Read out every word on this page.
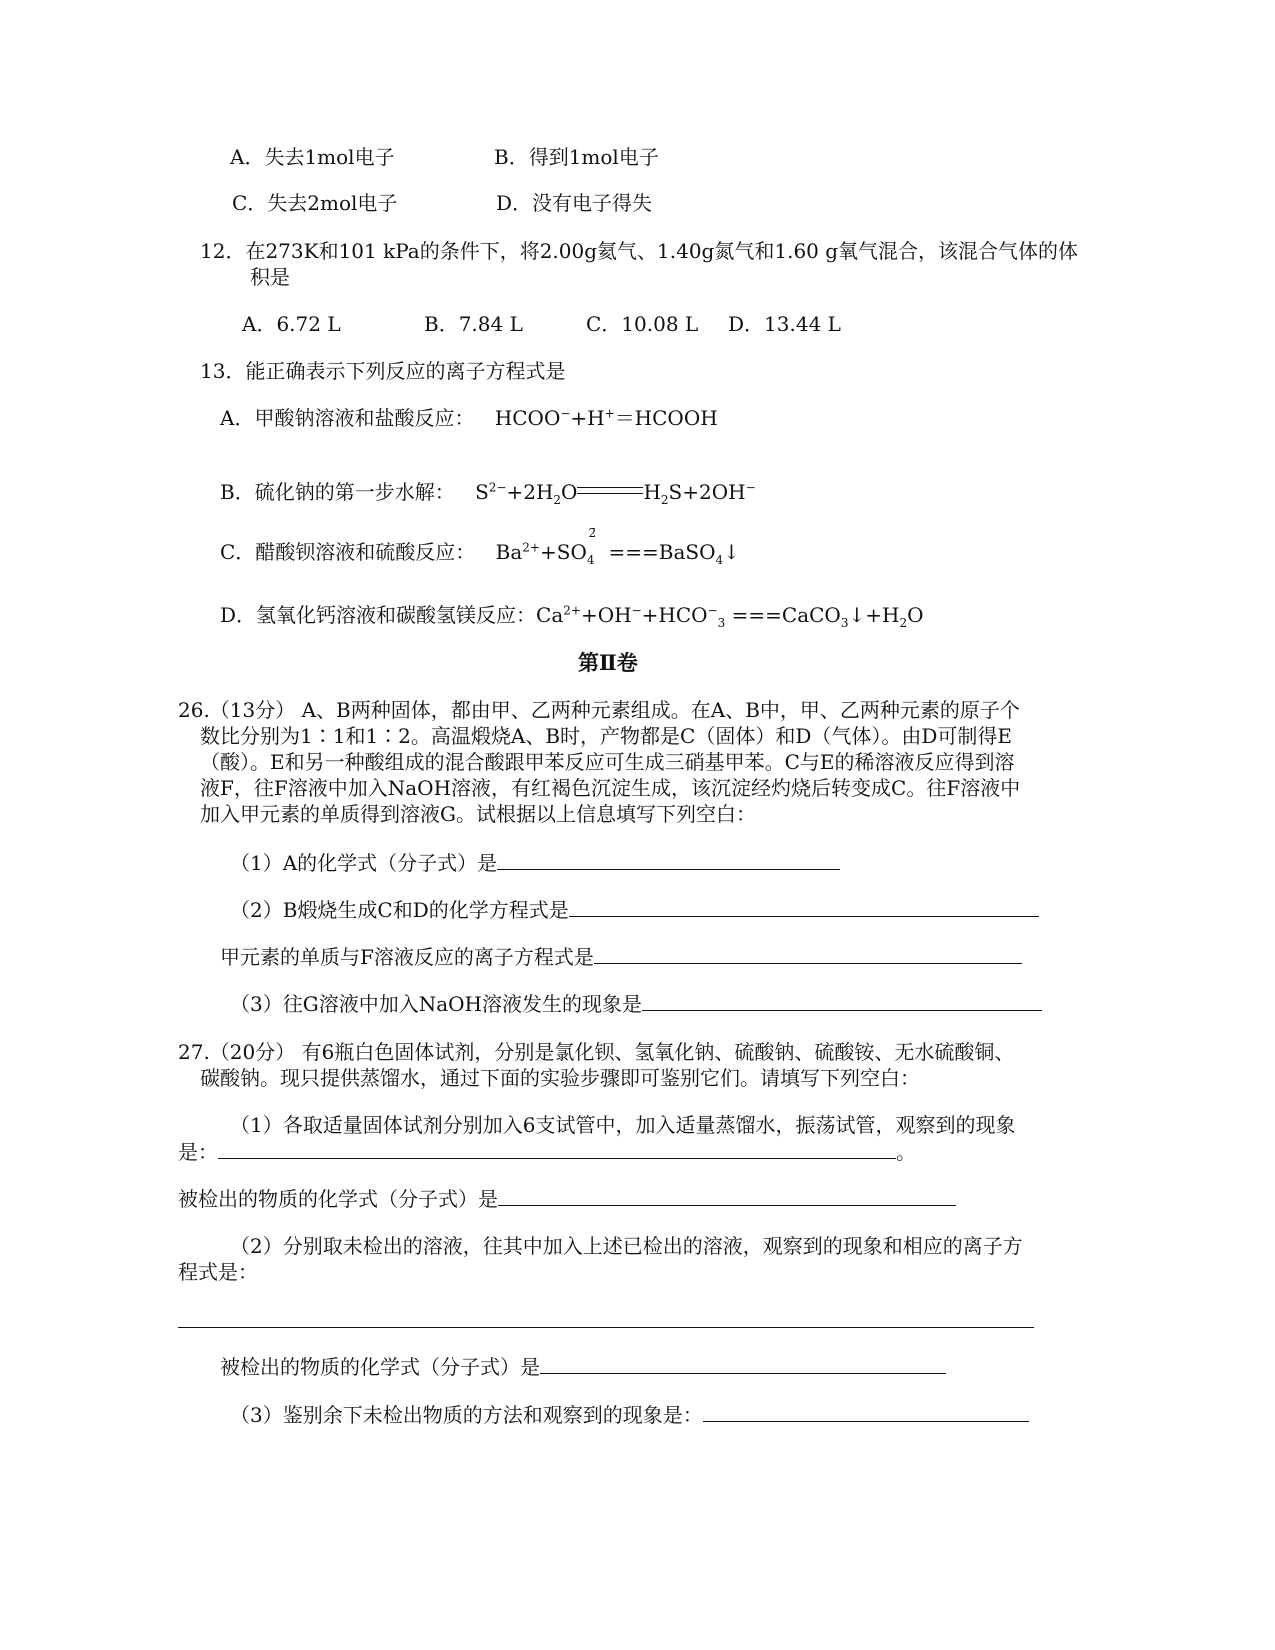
A．失去1mol电子	B．得到1mol电子
C．失去2mol电子	D．没有电子得失
12．在273K和101 kPa的条件下，将2.00g氦气、1.40g氮气和1.60 g氧气混合，该混合气体的体
积是
A．6.72 L	B．7.84 L	C．10.08 L D．13.44 L
13．能正确表示下列反应的离子方程式是
A．甲酸钠溶液和盐酸反应： HCOO−+H+＝HCOOH
B．硫化钠的第一步水解： $S^{2-}+2H_2O$	$H_2S+2OH^-$
C．醋酸钡溶液和硫酸反应： $Ba^{2+}+SO_4^{2̄}$ ===BaSO$_4$↓
D．氢氧化钙溶液和碳酸氢镁反应：$Ca^{2+}+OH^-+HCO^-_3$ $===CaCO_3↓+H_2O$
第Ⅱ卷
26.（13分） A、B两种固体，都由甲、乙两种元素组成。在A、B中，甲、乙两种元素的原子个
数比分别为1∶1和1∶2。高温煅烧A、B时，产物都是C（固体）和D（气体）。由D可制得E
（酸）。E和另一种酸组成的混合酸跟甲苯反应可生成三硝基甲苯。C与E的稀溶液反应得到溶
液F，往F溶液中加入NaOH溶液，有红褐色沉淀生成，该沉淀经灼烧后转变成C。往F溶液中
加入甲元素的单质得到溶液G。试根据以上信息填写下列空白：
（1）A的化学式（分子式）是
（2）B煅烧生成C和D的化学方程式是
甲元素的单质与F溶液反应的离子方程式是
（3）往G溶液中加入NaOH溶液发生的现象是
27.（20分） 有6瓶白色固体试剂，分别是氯化钡、氢氧化钠、硫酸钠、硫酸铵、无水硫酸铜、
碳酸钠。现只提供蒸馏水，通过下面的实验步骤即可鉴别它们。请填写下列空白：
（1）各取适量固体试剂分别加入6支试管中，加入适量蒸馏水，振荡试管，观察到的现象
是：	。
被检出的物质的化学式（分子式）是
（2）分别取未检出的溶液，往其中加入上述已检出的溶液，观察到的现象和相应的离子方
程式是：
被检出的物质的化学式（分子式）是
（3）鉴别余下未检出物质的方法和观察到的现象是：
